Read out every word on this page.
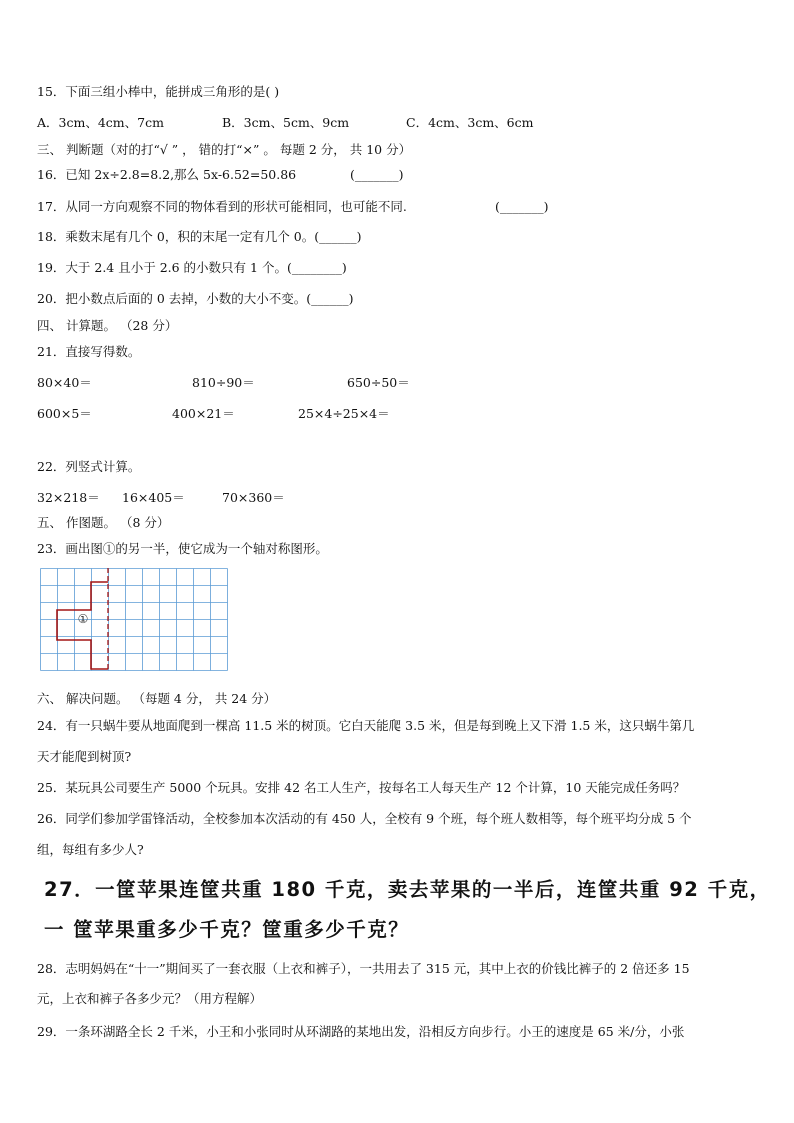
15．下面三组小棒中，能拼成三角形的是( )
A．3cm、4cm、7cm	B．3cm、5cm、9cm	C．4cm、3cm、6cm
三、 判断题（对的打“√ ” ， 错的打“×” 。 每题 2 分， 共 10 分）
16．已知 2x÷2.8=8.2,那么 5x-6.52=50.86	(_______)
17．从同一方向观察不同的物体看到的形状可能相同，也可能不同.	(_______)
18．乘数末尾有几个 0，积的末尾一定有几个 0。(______)
19．大于 2.4 且小于 2.6 的小数只有 1 个。(________)
20．把小数点后面的 0 去掉，小数的大小不变。(______)
四、 计算题。 （28 分）
21．直接写得数。
80×40＝	810÷90＝	650÷50＝
600×5＝	400×21＝	25×4÷25×4＝
22．列竖式计算。
32×218＝ 16×405＝	70×360＝
五、 作图题。 （8 分）
23．画出图①的另一半，使它成为一个轴对称图形。
①
六、 解决问题。 （每题 4 分， 共 24 分）
24．有一只蜗牛要从地面爬到一棵高 11.5 米的树顶。它白天能爬 3.5 米，但是每到晚上又下滑 1.5 米，这只蜗牛第几
天才能爬到树顶?
25．某玩具公司要生产 5000 个玩具。安排 42 名工人生产，按每名工人每天生产 12 个计算，10 天能完成任务吗？
26．同学们参加学雷锋活动，全校参加本次活动的有 450 人，全校有 9 个班，每个班人数相等，每个班平均分成 5 个
组，每组有多少人?
27．一筐苹果连筐共重 180 千克，卖去苹果的一半后，连筐共重 92 千克，
一 筐苹果重多少千克？筐重多少千克？
28．志明妈妈在“十一”期间买了一套衣服（上衣和裤子），一共用去了 315 元，其中上衣的价钱比裤子的 2 倍还多 15
元，上衣和裤子各多少元？（用方程解）
29．一条环湖路全长 2 千米，小王和小张同时从环湖路的某地出发，沿相反方向步行。小王的速度是 65 米/分，小张
